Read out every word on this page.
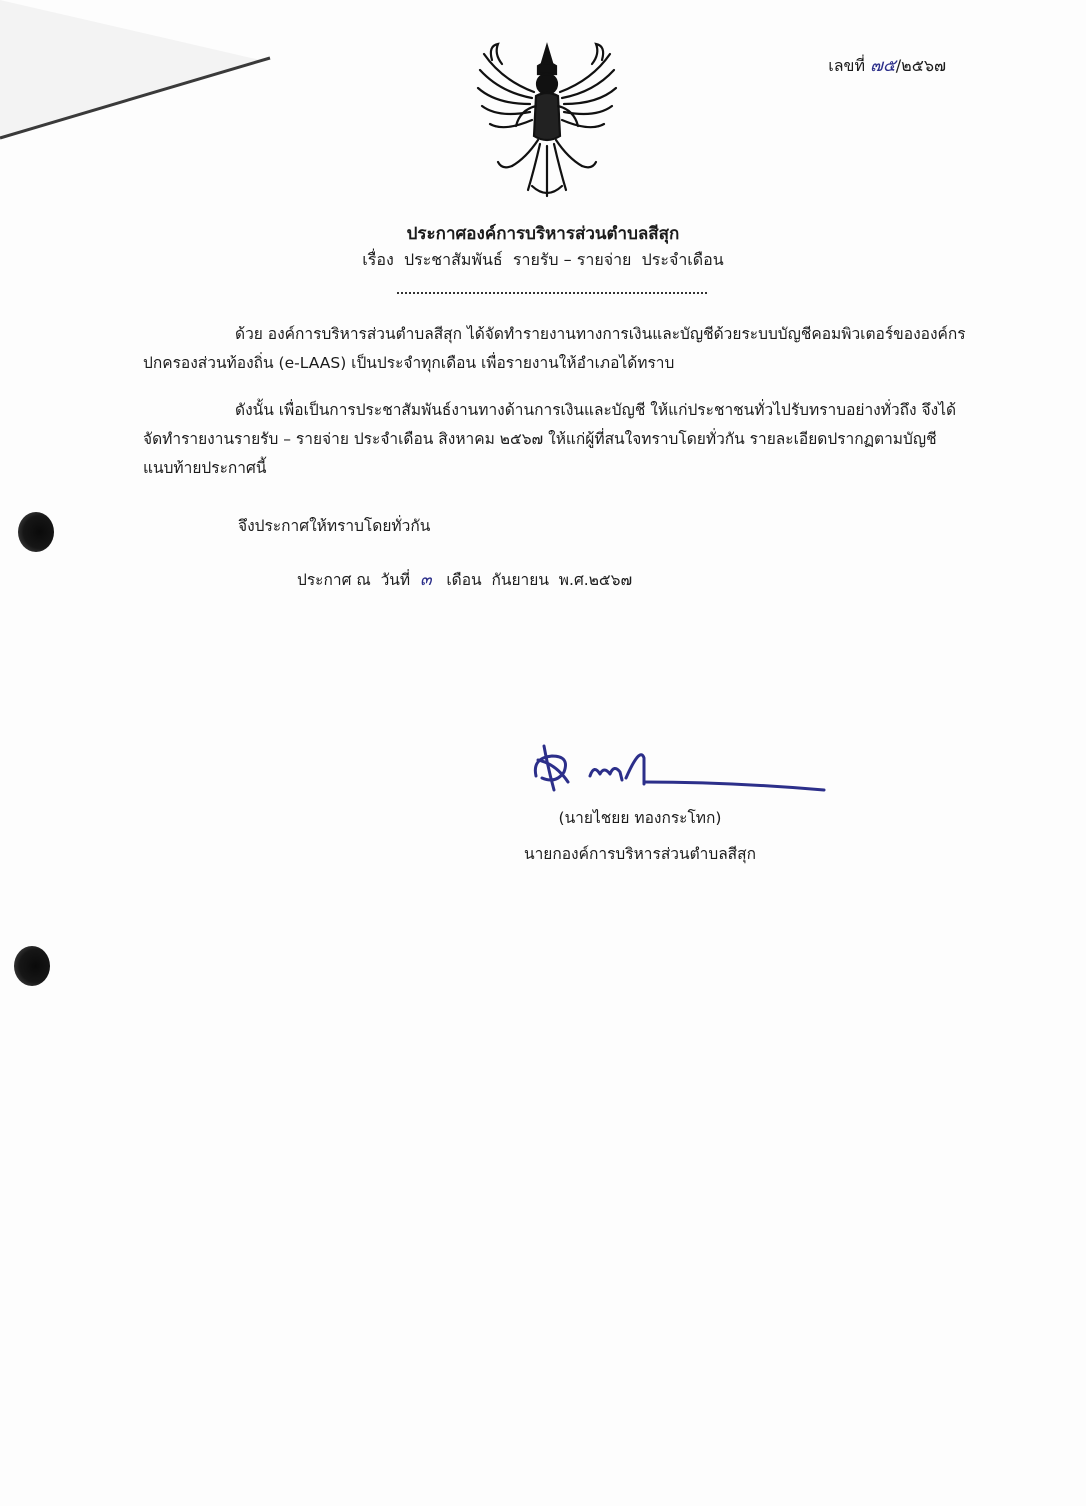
เลขที่ ๗๕/๒๕๖๗
ประกาศองค์การบริหารส่วนตำบลสีสุก
เรื่อง  ประชาสัมพันธ์  รายรับ – รายจ่าย  ประจำเดือน
ด้วย องค์การบริหารส่วนตำบลสีสุก ได้จัดทำรายงานทางการเงินและบัญชีด้วยระบบบัญชีคอมพิวเตอร์ขององค์กรปกครองส่วนท้องถิ่น (e-LAAS) เป็นประจำทุกเดือน เพื่อรายงานให้อำเภอได้ทราบ
ดังนั้น เพื่อเป็นการประชาสัมพันธ์งานทางด้านการเงินและบัญชี ให้แก่ประชาชนทั่วไปรับทราบอย่างทั่วถึง จึงได้จัดทำรายงานรายรับ – รายจ่าย ประจำเดือน สิงหาคม ๒๕๖๗ ให้แก่ผู้ที่สนใจทราบโดยทั่วกัน รายละเอียดปรากฏตามบัญชีแนบท้ายประกาศนี้
จึงประกาศให้ทราบโดยทั่วกัน
ประกาศ ณ  วันที่ ๓ เดือน  กันยายน  พ.ศ.๒๕๖๗
(นายไชยย ทองกระโทก)
นายกองค์การบริหารส่วนตำบลสีสุก
